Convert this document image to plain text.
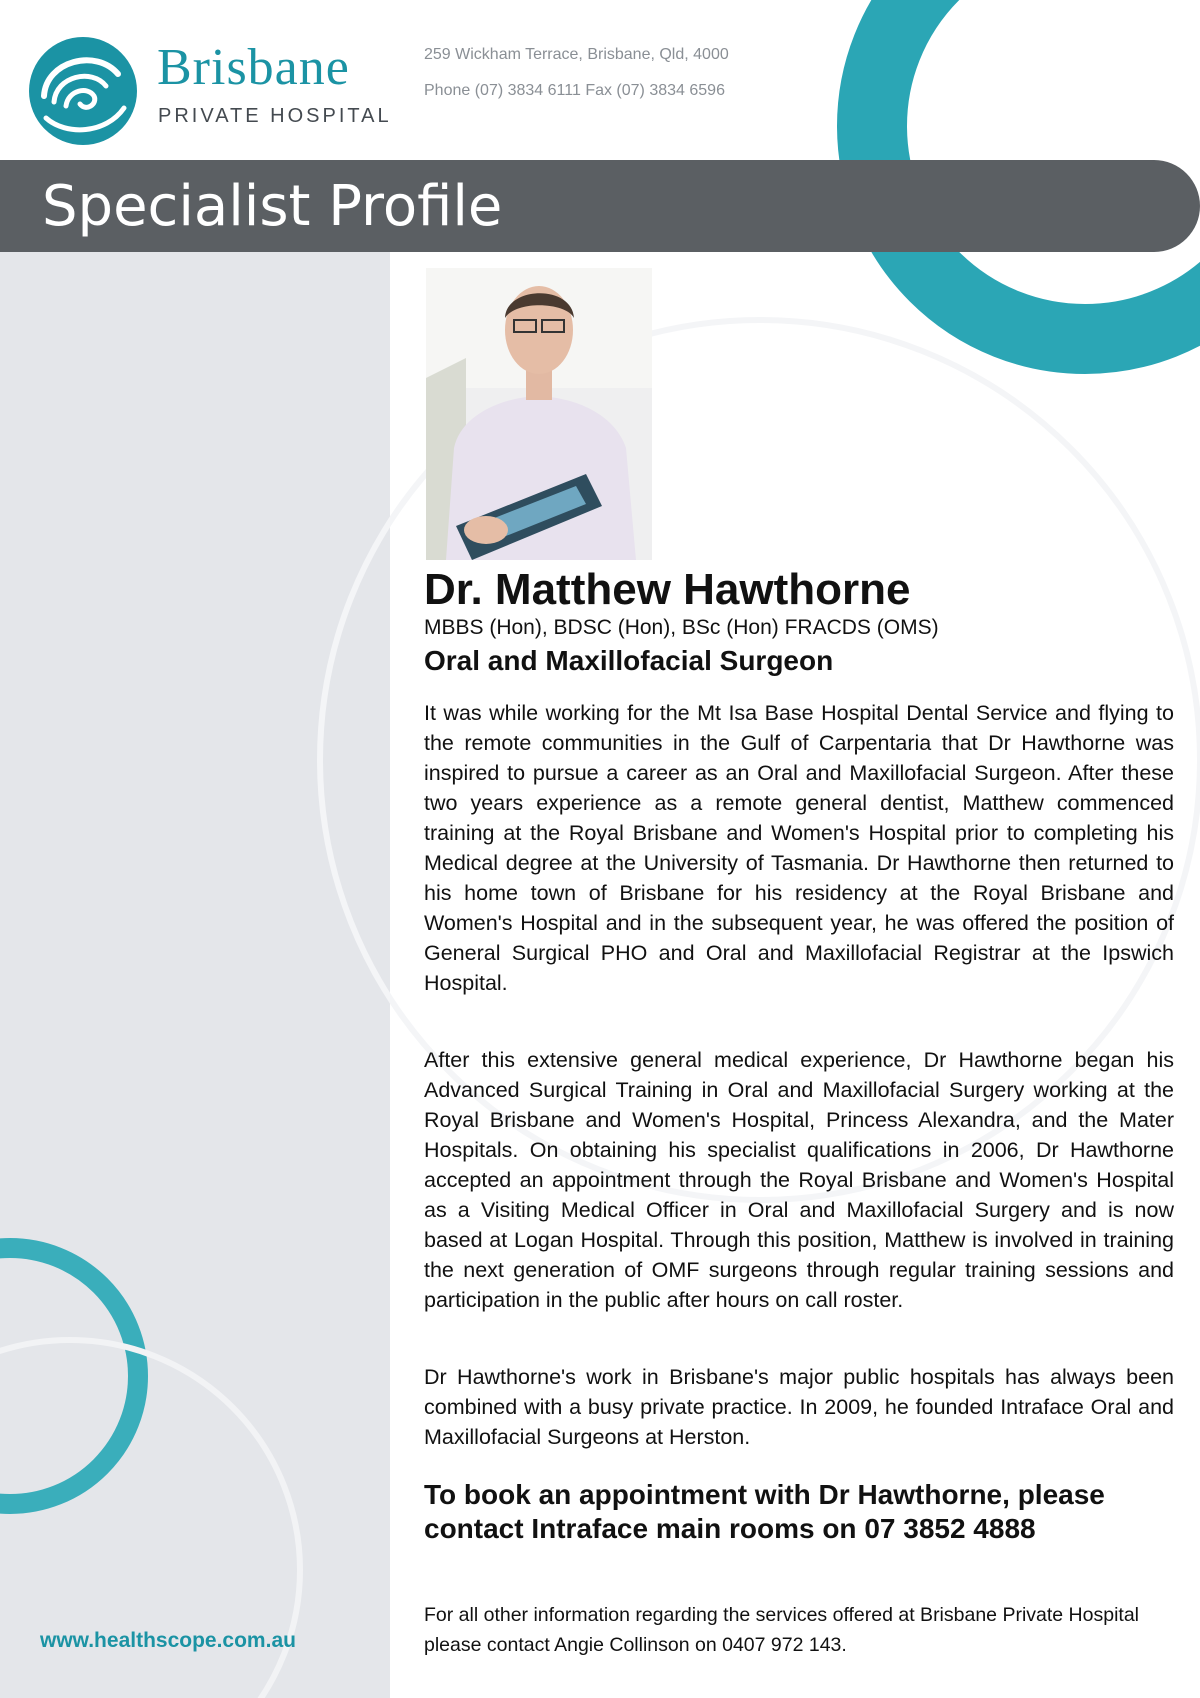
Brisbane
PRIVATE HOSPITAL
259 Wickham Terrace, Brisbane, Qld, 4000
Phone (07) 3834 6111 Fax (07) 3834 6596
Specialist Profile
Dr. Matthew Hawthorne
MBBS (Hon), BDSC (Hon), BSc (Hon) FRACDS (OMS)
Oral and Maxillofacial Surgeon

It was while working for the Mt Isa Base Hospital Dental Service and flying to the remote communities in the Gulf of Carpentaria that Dr Hawthorne was inspired to pursue a career as an Oral and Maxillofacial Surgeon. After these two years experience as a remote general dentist, Matthew commenced training at the Royal Brisbane and Women's Hospital prior to completing his Medical degree at the University of Tasmania. Dr Hawthorne then returned to his home town of Brisbane for his residency at the Royal Brisbane and Women's Hospital and in the subsequent year, he was offered the position of General Surgical PHO and Oral and Maxillofacial Registrar at the Ipswich Hospital.

After this extensive general medical experience, Dr Hawthorne began his Advanced Surgical Training in Oral and Maxillofacial Surgery working at the Royal Brisbane and Women's Hospital, Princess Alexandra, and the Mater Hospitals. On obtaining his specialist qualifications in 2006, Dr Hawthorne accepted an appointment through the Royal Brisbane and Women's Hospital as a Visiting Medical Officer in Oral and Maxillofacial Surgery and is now based at Logan Hospital. Through this position, Matthew is involved in training the next generation of OMF surgeons through regular training sessions and participation in the public after hours on call roster.

Dr Hawthorne's work in Brisbane's major public hospitals has always been combined with a busy private practice. In 2009, he founded Intraface Oral and Maxillofacial Surgeons at Herston.

To book an appointment with Dr Hawthorne, please contact Intraface main rooms on 07 3852 4888

For all other information regarding the services offered at Brisbane Private Hospital please contact Angie Collinson on 0407 972 143.

www.healthscope.com.au
